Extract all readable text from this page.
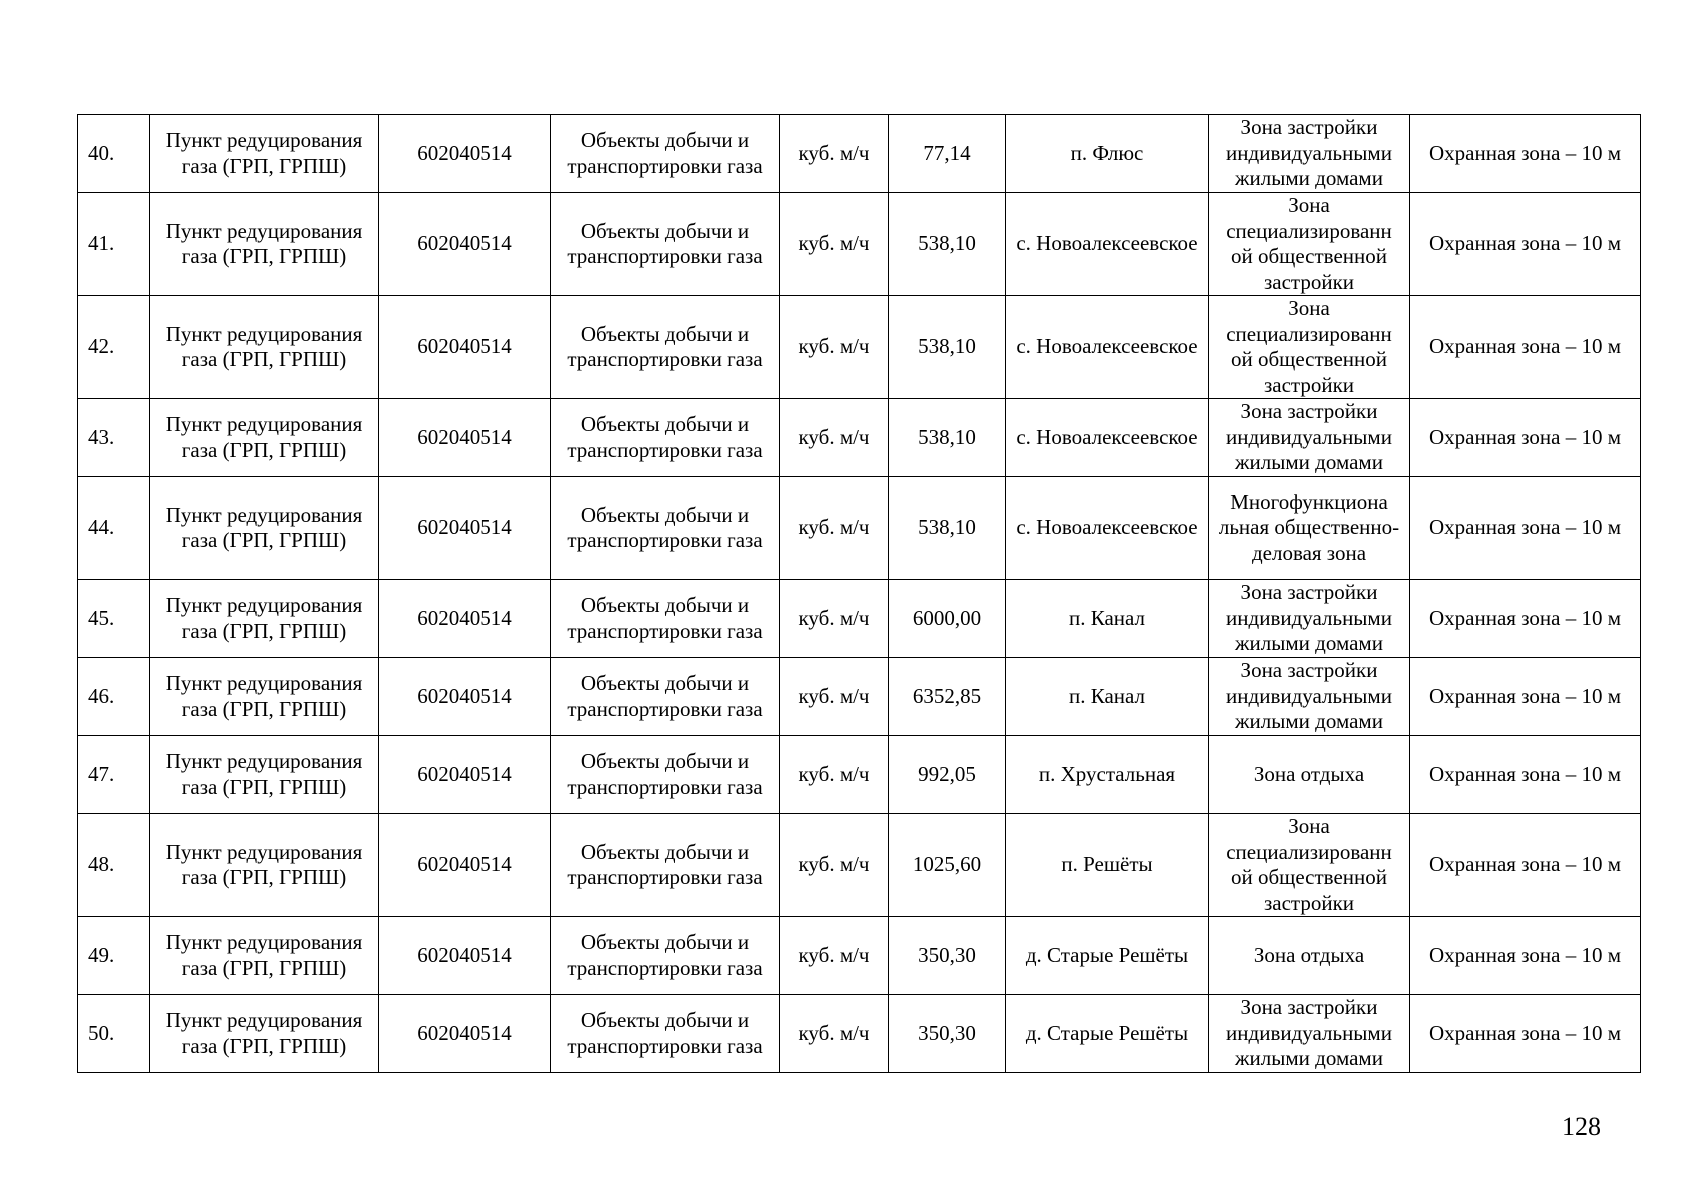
40.	Пункт редуцирования газа (ГРП, ГРПШ)	602040514	Объекты добычи и транспортировки газа	куб. м/ч	77,14	п. Флюс	Зона застройки индивидуальными жилыми домами	Охранная зона – 10 м
41.	Пункт редуцирования газа (ГРП, ГРПШ)	602040514	Объекты добычи и транспортировки газа	куб. м/ч	538,10	с. Новоалексеевское	Зона специализированн ой общественной застройки	Охранная зона – 10 м
42.	Пункт редуцирования газа (ГРП, ГРПШ)	602040514	Объекты добычи и транспортировки газа	куб. м/ч	538,10	с. Новоалексеевское	Зона специализированн ой общественной застройки	Охранная зона – 10 м
43.	Пункт редуцирования газа (ГРП, ГРПШ)	602040514	Объекты добычи и транспортировки газа	куб. м/ч	538,10	с. Новоалексеевское	Зона застройки индивидуальными жилыми домами	Охранная зона – 10 м
44.	Пункт редуцирования газа (ГРП, ГРПШ)	602040514	Объекты добычи и транспортировки газа	куб. м/ч	538,10	с. Новоалексеевское	Многофункциона льная общественно-деловая зона	Охранная зона – 10 м
45.	Пункт редуцирования газа (ГРП, ГРПШ)	602040514	Объекты добычи и транспортировки газа	куб. м/ч	6000,00	п. Канал	Зона застройки индивидуальными жилыми домами	Охранная зона – 10 м
46.	Пункт редуцирования газа (ГРП, ГРПШ)	602040514	Объекты добычи и транспортировки газа	куб. м/ч	6352,85	п. Канал	Зона застройки индивидуальными жилыми домами	Охранная зона – 10 м
47.	Пункт редуцирования газа (ГРП, ГРПШ)	602040514	Объекты добычи и транспортировки газа	куб. м/ч	992,05	п. Хрустальная	Зона отдыха	Охранная зона – 10 м
48.	Пункт редуцирования газа (ГРП, ГРПШ)	602040514	Объекты добычи и транспортировки газа	куб. м/ч	1025,60	п. Решёты	Зона специализированн ой общественной застройки	Охранная зона – 10 м
49.	Пункт редуцирования газа (ГРП, ГРПШ)	602040514	Объекты добычи и транспортировки газа	куб. м/ч	350,30	д. Старые Решёты	Зона отдыха	Охранная зона – 10 м
50.	Пункт редуцирования газа (ГРП, ГРПШ)	602040514	Объекты добычи и транспортировки газа	куб. м/ч	350,30	д. Старые Решёты	Зона застройки индивидуальными жилыми домами	Охранная зона – 10 м
128
